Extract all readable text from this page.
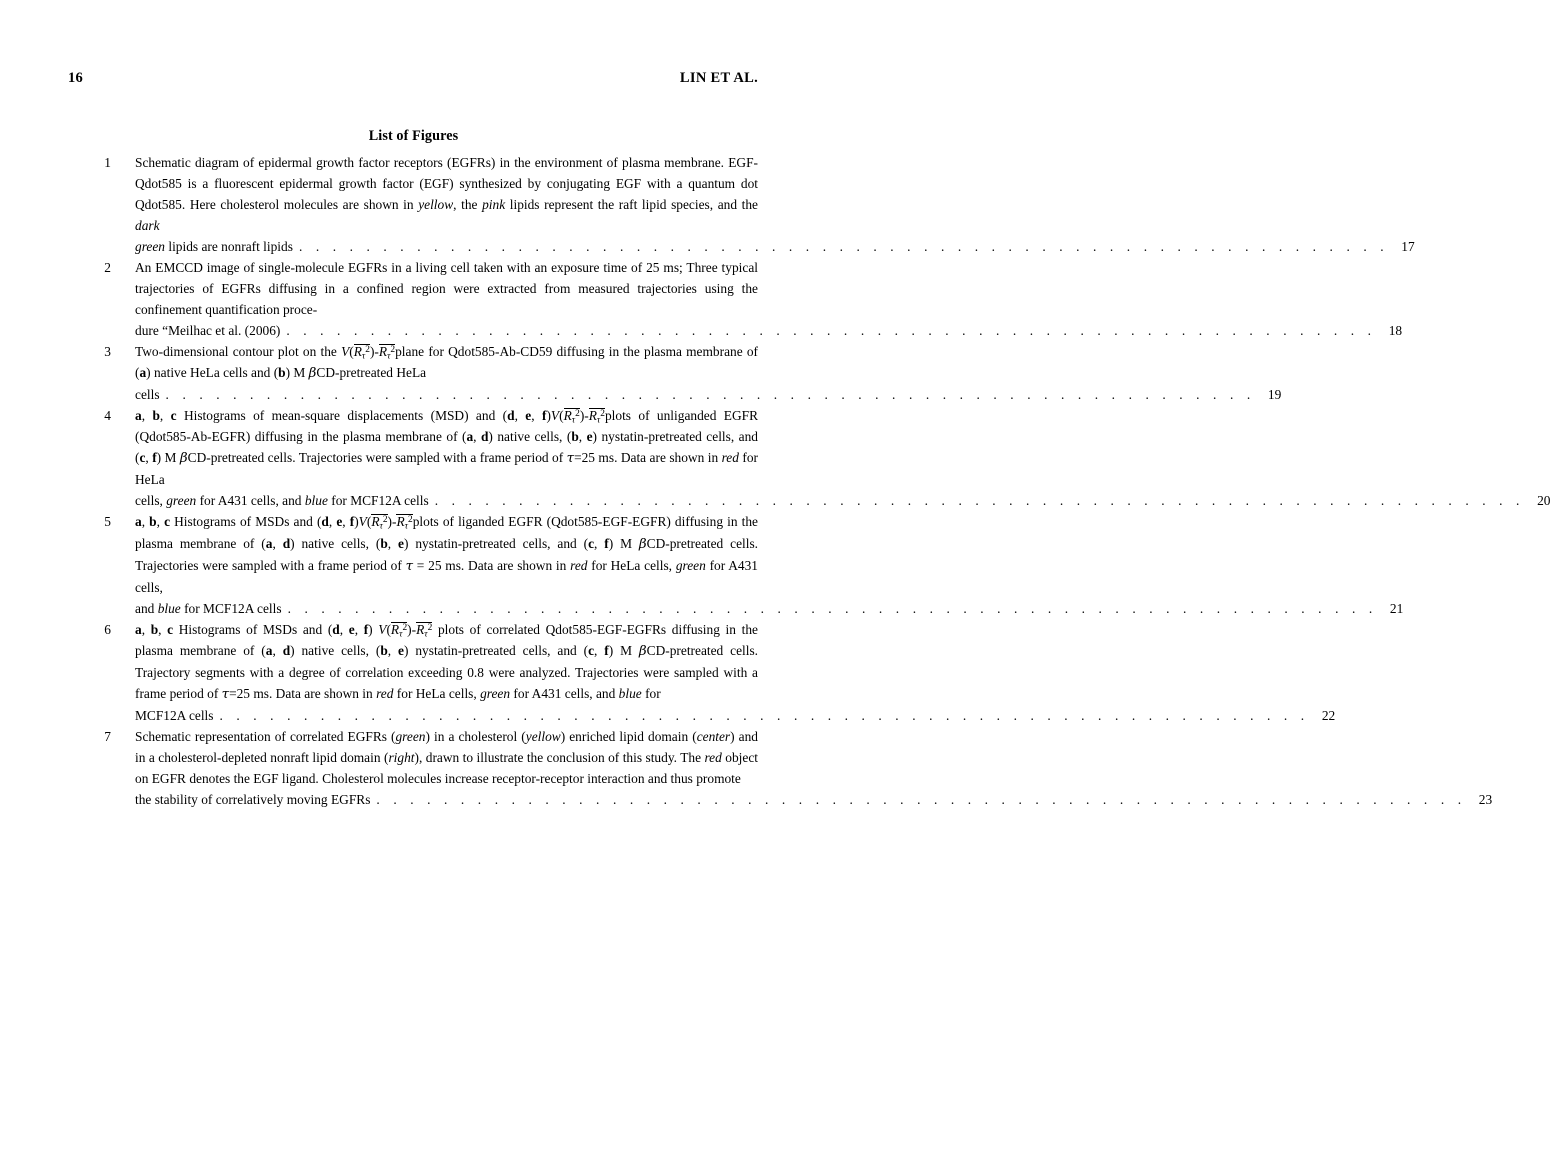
16	LIN ET AL.
List of Figures
1 Schematic diagram of epidermal growth factor receptors (EGFRs) in the environment of plasma membrane. EGF-Qdot585 is a fluorescent epidermal growth factor (EGF) synthesized by conjugating EGF with a quantum dot Qdot585. Here cholesterol molecules are shown in yellow, the pink lipids represent the raft lipid species, and the dark
green lipids are nonraft lipids . . . . . . . . . . . . . . . . . . . . . . . . . . . . . . . . . . . . . . . . . . . . . . . . . . . . . . . . . . . . . . . . . 17
2 An EMCCD image of single-molecule EGFRs in a living cell taken with an exposure time of 25 ms; Three typical trajectories of EGFRs diffusing in a confined region were extracted from measured trajectories using the confinement quantification proce-
dure “Meilhac et al. (2006) . . . . . . . . . . . . . . . . . . . . . . . . . . . . . . . . . . . . . . . . . . . . . . . . . . . . . . . . . . . . . . . . . 18
3 Two-dimensional contour plot on the $V(R_\tau^2)-R_\tau^2plane$ for Qdot585-Ab-CD59 diffusing in the plasma membrane of (a) native HeLa cells and (b) M βCD-pretreated HeLa
cells . . . . . . . . . . . . . . . . . . . . . . . . . . . . . . . . . . . . . . . . . . . . . . . . . . . . . . . . . . . . . . . . . 19
4 a, b, c Histograms of mean-square displacements (MSD) and (d, e, $f)V(R_\tau^2)-R_\tau^2plots$ of unliganded EGFR (Qdot585-Ab-EGFR) diffusing in the plasma membrane of (a, d) native cells, (b, e) nystatin-pretreated cells, and (c, f) M βCD-pretreated cells. Trajectories were sampled with a frame period of τ=25 ms. Data are shown in red for HeLa
cells, green for A431 cells, and blue for MCF12A cells . . . . . . . . . . . . . . . . . . . . . . . . . . . . . . . . . . . . . . . . . . . . . . . . . . . . . . . . . . . . . . . . . 20
5 a, b, c Histograms of MSDs and (d, e, $f)V(R_\tau^2)-R_\tau^2plots$ of liganded EGFR (Qdot585-EGF-EGFR) diffusing in the plasma membrane of (a, d) native cells, (b, e) nystatin-pretreated cells, and (c, f) M βCD-pretreated cells. Trajectories were sampled with a frame period of τ = 25 ms. Data are shown in red for HeLa cells, green for A431 cells,
and blue for MCF12A cells . . . . . . . . . . . . . . . . . . . . . . . . . . . . . . . . . . . . . . . . . . . . . . . . . . . . . . . . . . . . . . . . . 21
6 a, b, c Histograms of MSDs and (d, e, f) $V(R_\tau^2)-R_\tau^2$ plots of correlated Qdot585-EGF-EGFRs diffusing in the plasma membrane of (a, d) native cells, (b, e) nystatin-pretreated cells, and (c, f) M βCD-pretreated cells. Trajectory segments with a degree of correlation exceeding 0.8 were analyzed. Trajectories were sampled with a frame period of τ=25 ms. Data are shown in red for HeLa cells, green for A431 cells, and blue for
MCF12A cells . . . . . . . . . . . . . . . . . . . . . . . . . . . . . . . . . . . . . . . . . . . . . . . . . . . . . . . . . . . . . . . . . 22
7 Schematic representation of correlated EGFRs (green) in a cholesterol (yellow) enriched lipid domain (center) and in a cholesterol-depleted nonraft lipid domain (right), drawn to illustrate the conclusion of this study. The red object on EGFR denotes the EGF ligand. Cholesterol molecules increase receptor-receptor interaction and thus promote
the stability of correlatively moving EGFRs . . . . . . . . . . . . . . . . . . . . . . . . . . . . . . . . . . . . . . . . . . . . . . . . . . . . . . . . . . . . . . . . . 23
